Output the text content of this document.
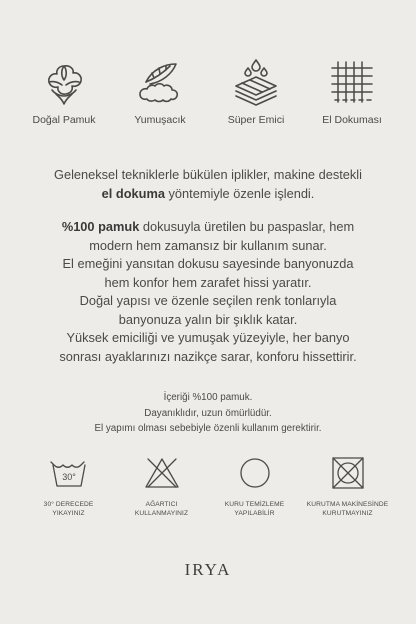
Doğal Pamuk	Yumuşacık	Süper Emici	El Dokuması
Geleneksel tekniklerle bükülen iplikler, makine destekli
el dokuma yöntemiyle özenle işlendi.
%100 pamuk dokusuyla üretilen bu paspaslar, hem
modern hem zamansız bir kullanım sunar.
El emeğini yansıtan dokusu sayesinde banyonuzda
hem konfor hem zarafet hissi yaratır.
Doğal yapısı ve özenle seçilen renk tonlarıyla
banyonuza yalın bir şıklık katar.
Yüksek emiciliği ve yumuşak yüzeyiyle, her banyo
sonrası ayaklarınızı nazikçe sarar, konforu hissettirir.
İçeriği %100 pamuk.
Dayanıklıdır, uzun ömürlüdür.
El yapımı olması sebebiyle özenli kullanım gerektirir.
30°
30° DERECEDE
YIKAYINIZ
AĞARTICI
KULLANMAYINIZ
KURU TEMİZLEME
YAPILABİLİR
KURUTMA MAKİNESİNDE
KURUTMAYINIZ
IRYA
